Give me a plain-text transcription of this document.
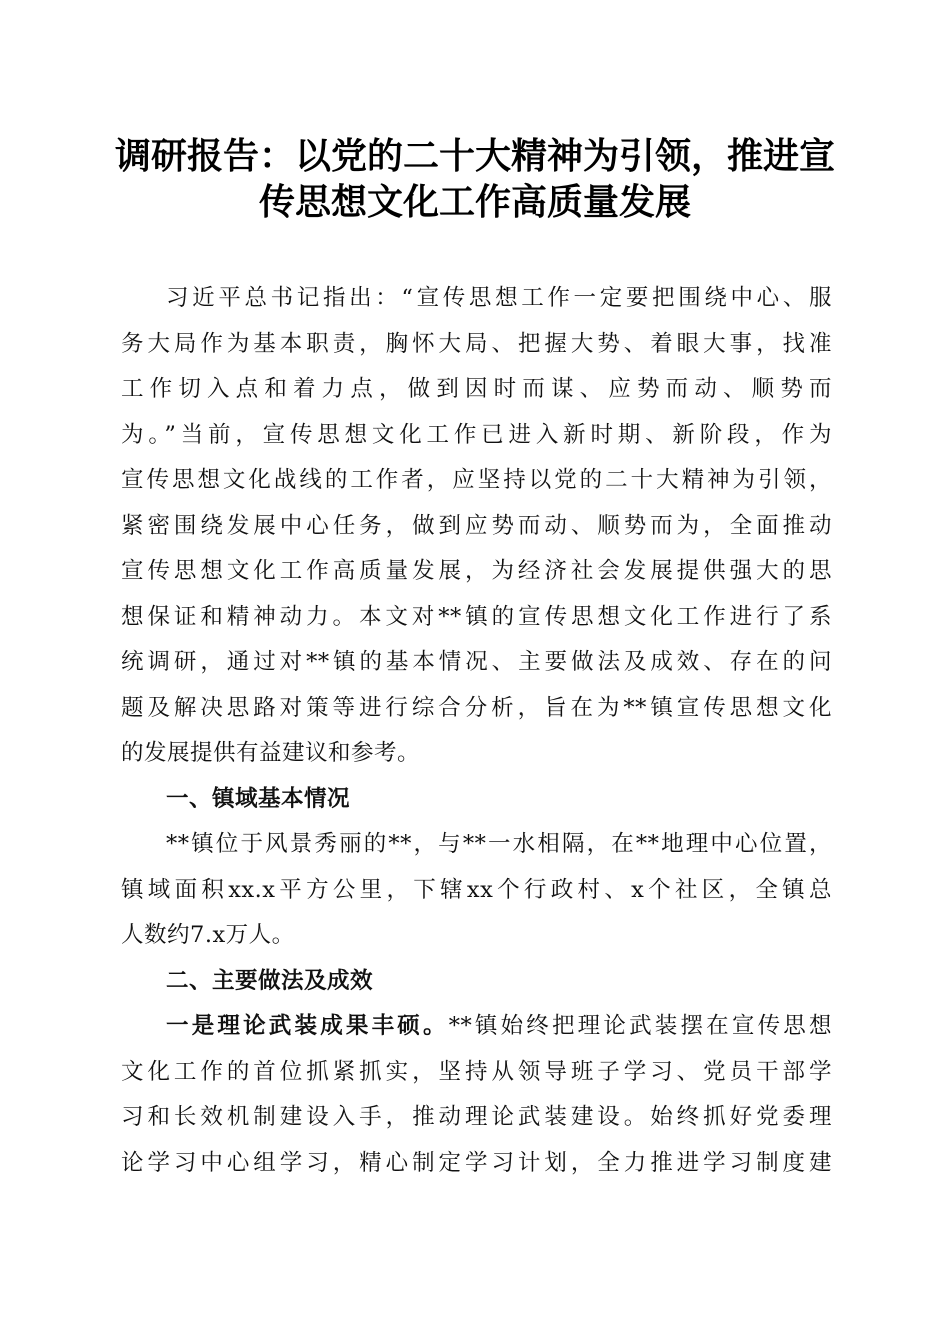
调研报告：以党的二十大精神为引领，推进宣
传思想文化工作高质量发展
习近平总书记指出：“宣传思想工作一定要把围绕中心、服
务大局作为基本职责，胸怀大局、把握大势、着眼大事，找准
工作切入点和着力点，做到因时而谋、应势而动、顺势而
为。”当前，宣传思想文化工作已进入新时期、新阶段，作为
宣传思想文化战线的工作者，应坚持以党的二十大精神为引领，
紧密围绕发展中心任务，做到应势而动、顺势而为，全面推动
宣传思想文化工作高质量发展，为经济社会发展提供强大的思
想保证和精神动力。本文对**镇的宣传思想文化工作进行了系
统调研，通过对**镇的基本情况、主要做法及成效、存在的问
题及解决思路对策等进行综合分析，旨在为**镇宣传思想文化
的发展提供有益建议和参考。
一、镇域基本情况
**镇位于风景秀丽的**，与**一水相隔，在**地理中心位置，
镇域面积xx.x平方公里，下辖xx个行政村、x个社区，全镇总
人数约7.x万人。
二、主要做法及成效
一是理论武装成果丰硕。**镇始终把理论武装摆在宣传思想
文化工作的首位抓紧抓实，坚持从领导班子学习、党员干部学
习和长效机制建设入手，推动理论武装建设。始终抓好党委理
论学习中心组学习，精心制定学习计划，全力推进学习制度建
